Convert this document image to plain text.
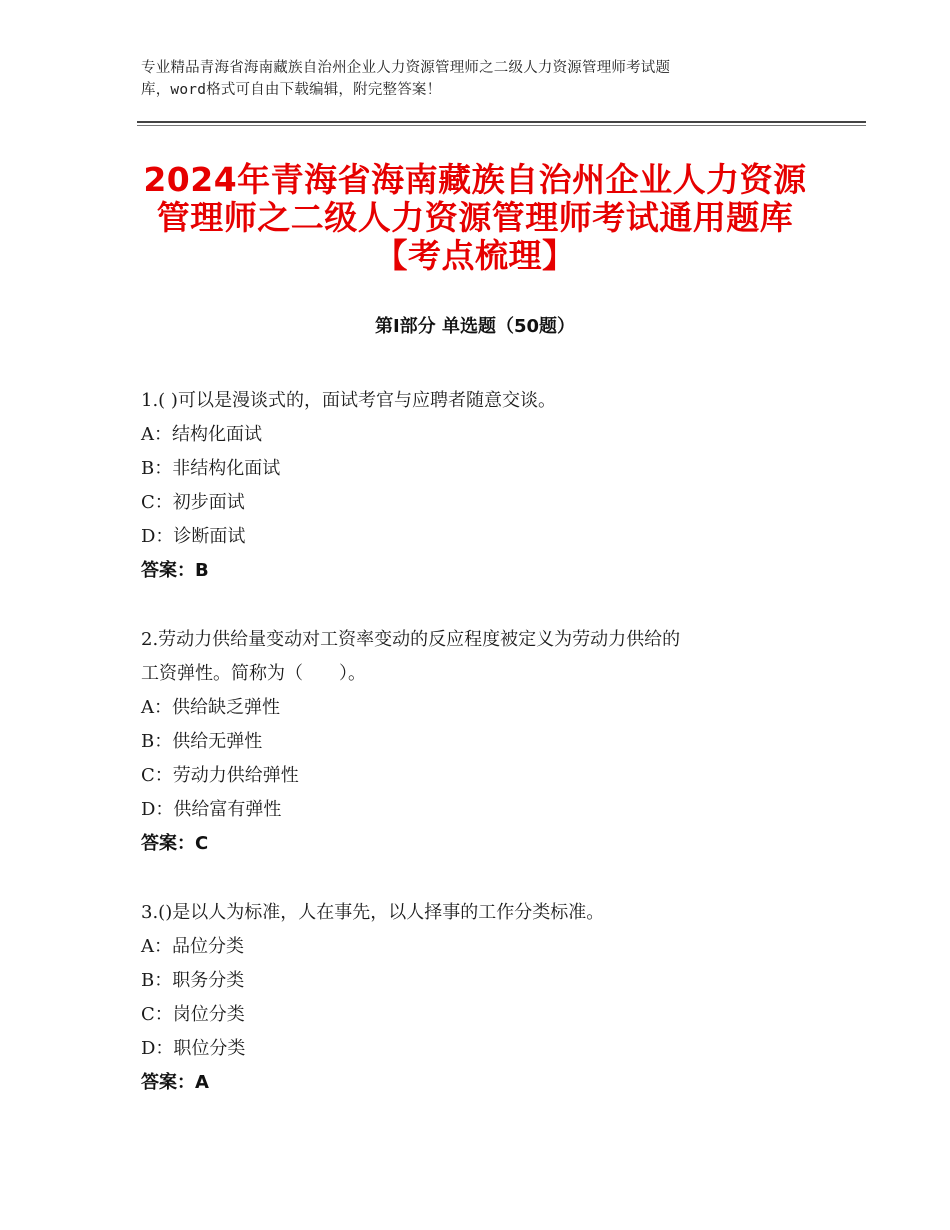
专业精品青海省海南藏族自治州企业人力资源管理师之二级人力资源管理师考试题
库，word格式可自由下载编辑，附完整答案！
2024年青海省海南藏族自治州企业人力资源
管理师之二级人力资源管理师考试通用题库
【考点梳理】
第Ⅰ部分 单选题（50题）
1.( )可以是漫谈式的，面试考官与应聘者随意交谈。
A：结构化面试
B：非结构化面试
C：初步面试
D：诊断面试
答案：B
2.劳动力供给量变动对工资率变动的反应程度被定义为劳动力供给的
工资弹性。简称为（　　）。
A：供给缺乏弹性
B：供给无弹性
C：劳动力供给弹性
D：供给富有弹性
答案：C
3.()是以人为标准，人在事先，以人择事的工作分类标准。
A：品位分类
B：职务分类
C：岗位分类
D：职位分类
答案：A
